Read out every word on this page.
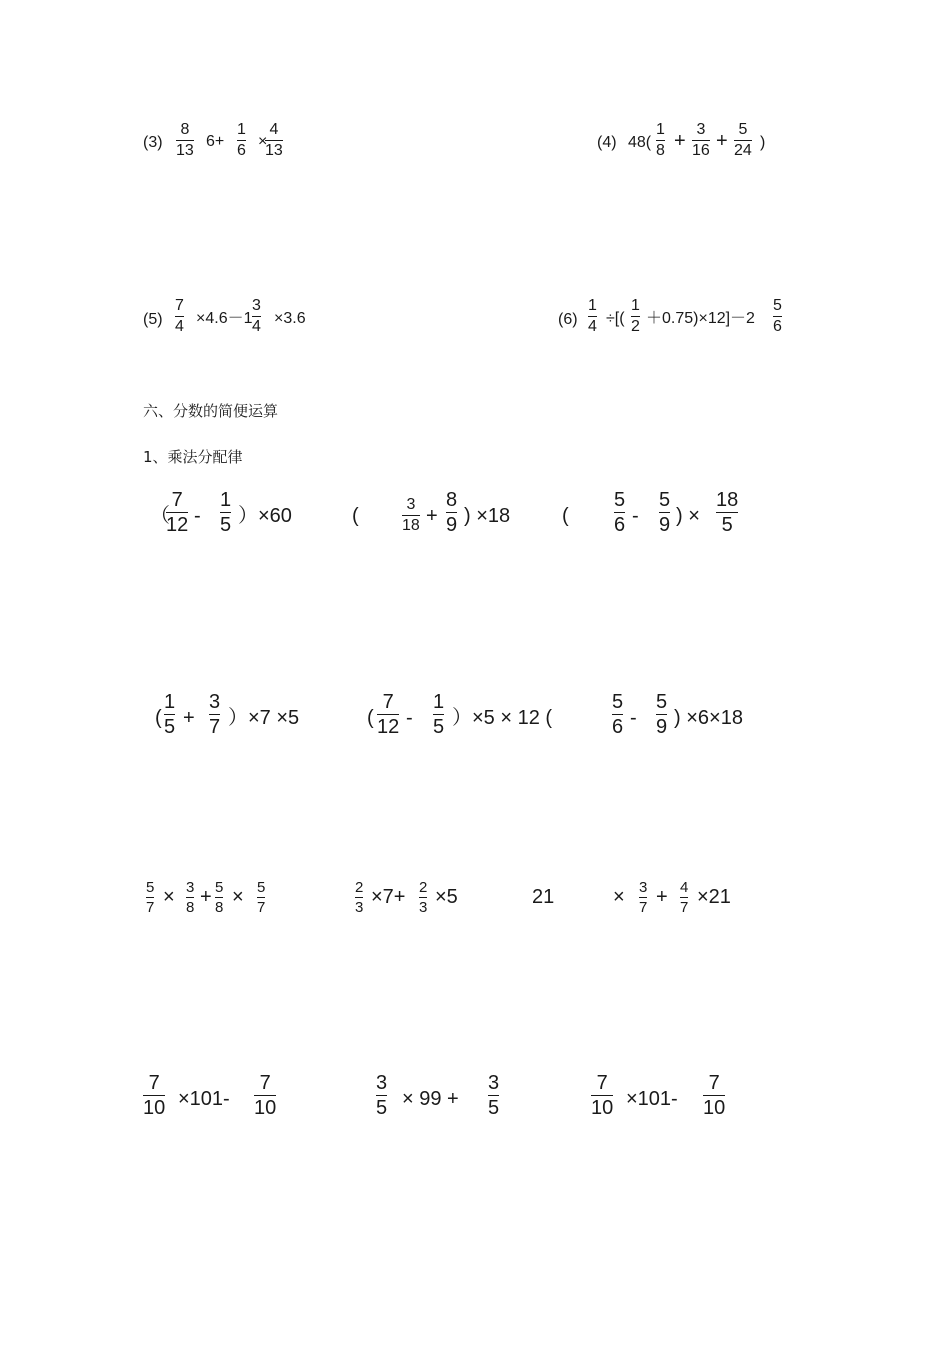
(3)
8
13
6+
1
6
×
4
13	(4) 48(
1
8 +
3
16 +
5
24 )
(5)
7
4 ×4.6－1
3
4 ×3.6	(6)
1
4 ÷[(
1
2 ＋0.75)×12]－2
5
6
六、分数的简便运算
1、乘法分配律
（
7
12 -
1
5 ）×60	(
3
18 +
8
9 ) ×18	(
5
6 -
5
9 ) ×
18
5
(
1
5 +
3
7 ）×7 ×5	(
7
12 -
1
5 ）×5 × 12 (
5
6 -
5
9 ) ×6×18
5
7 × 3
8 + 5
8 × 5
7
2
3 ×7+ 2
3 ×5	21	× 3
7 + 4
7 ×21
7
10 ×101-
7
10
3
5 × 99 +
3
5
7
10 ×101-
7
10
